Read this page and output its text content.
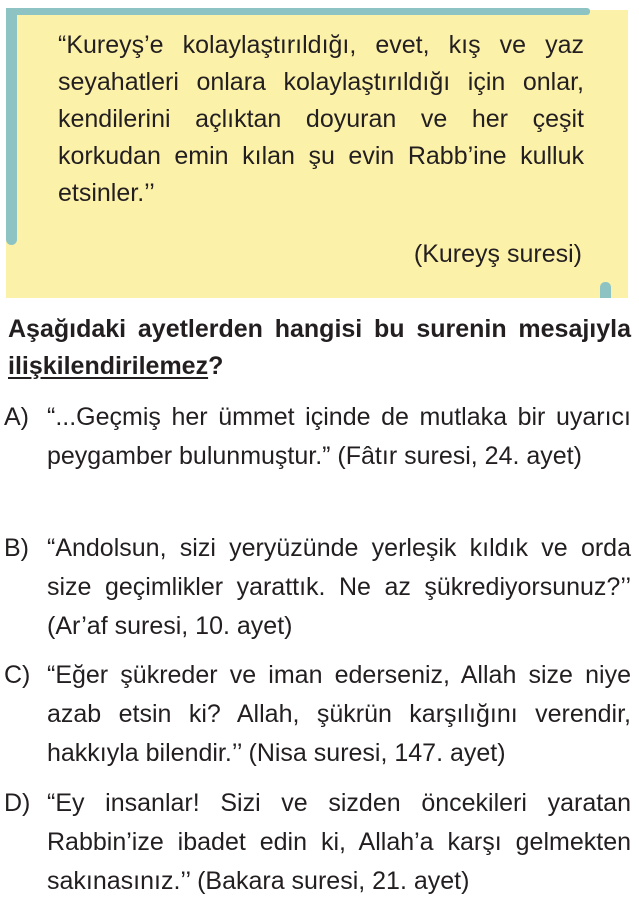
“Kureyş’e kolaylaştırıldığı, evet, kış ve yaz seyahatleri onlara kolaylaştırıldığı için onlar, kendilerini açlıktan doyuran ve her çeşit korkudan emin kılan şu evin Rabb’ine kulluk etsinler.’’

(Kureyş suresi)

Aşağıdaki ayetlerden hangisi bu surenin mesajıyla ilişkilendirilemez?

A) “...Geçmiş her ümmet içinde de mutlaka bir uyarıcı peygamber bulunmuştur.” (Fâtır suresi, 24. ayet)
B) “Andolsun, sizi yeryüzünde yerleşik kıldık ve orda size geçimlikler yarattık. Ne az şükrediyorsunuz?’’ (Ar’af suresi, 10. ayet)
C) “Eğer şükreder ve iman ederseniz, Allah size niye azab etsin ki? Allah, şükrün karşılığını verendir, hakkıyla bilendir.’’ (Nisa suresi, 147. ayet)
D) “Ey insanlar! Sizi ve sizden öncekileri yaratan Rabbin’ize ibadet edin ki, Allah’a karşı gelmekten sakınasınız.’’ (Bakara suresi, 21. ayet)
